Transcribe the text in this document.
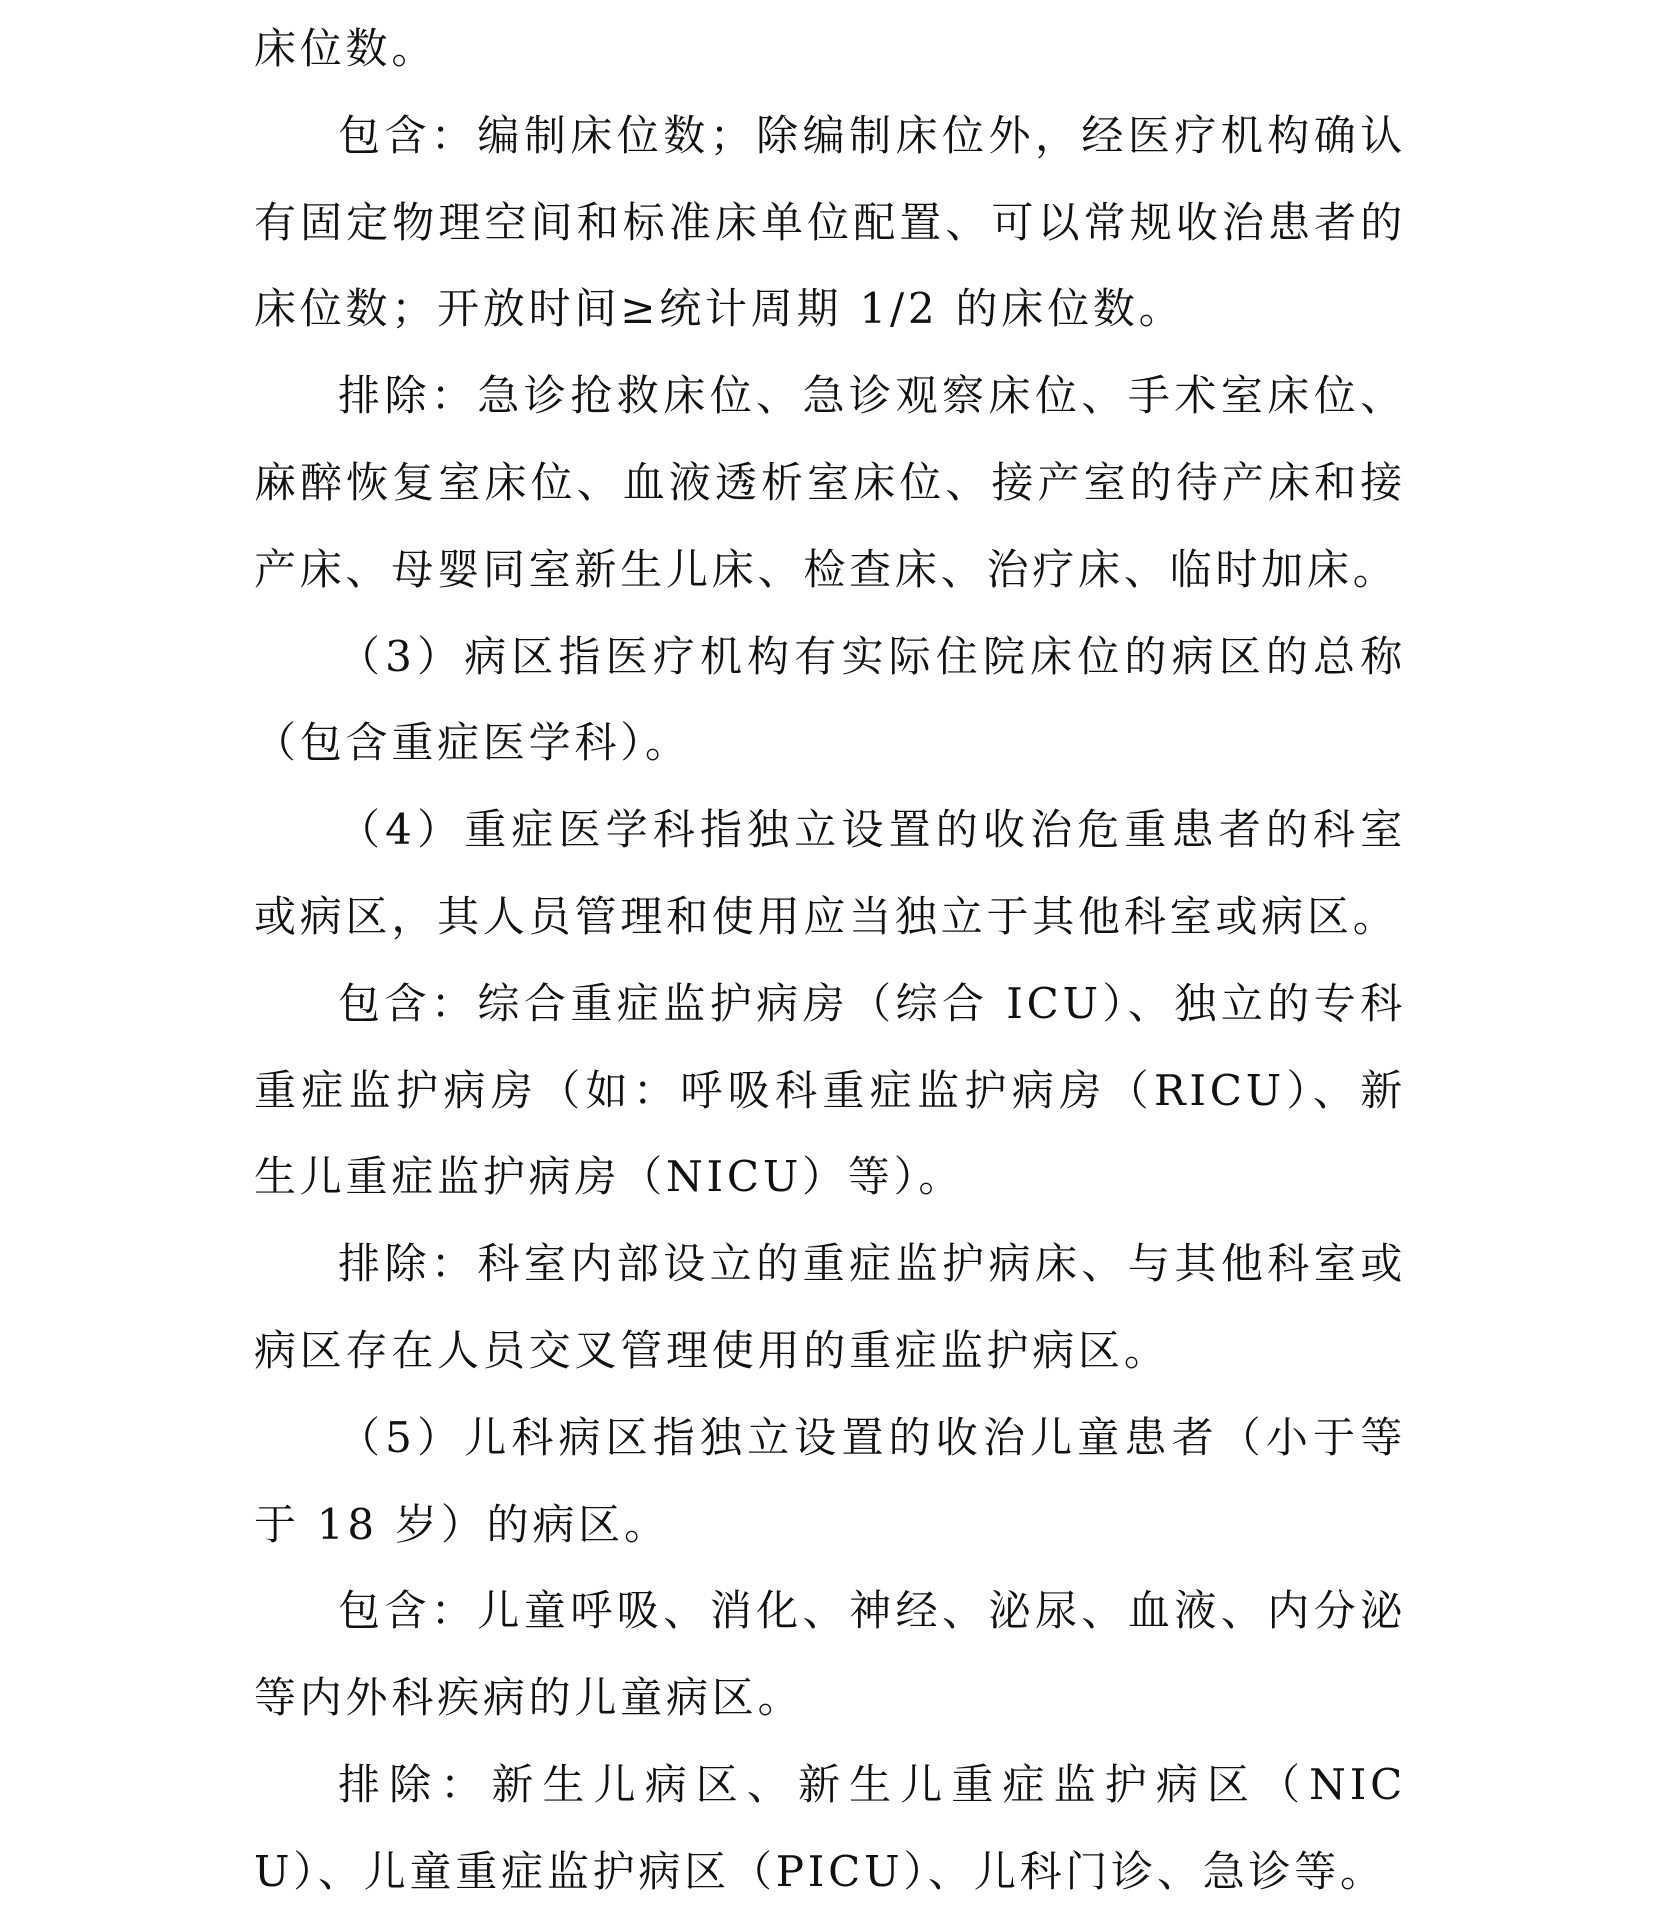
床位数。

包含：编制床位数；除编制床位外，经医疗机构确认有固定物理空间和标准床单位配置、可以常规收治患者的床位数；开放时间≥统计周期 1/2 的床位数。

排除：急诊抢救床位、急诊观察床位、手术室床位、麻醉恢复室床位、血液透析室床位、接产室的待产床和接产床、母婴同室新生儿床、检查床、治疗床、临时加床。

（3）病区指医疗机构有实际住院床位的病区的总称（包含重症医学科）。

（4）重症医学科指独立设置的收治危重患者的科室或病区，其人员管理和使用应当独立于其他科室或病区。

包含：综合重症监护病房（综合 ICU）、独立的专科重症监护病房（如：呼吸科重症监护病房（RICU）、新生儿重症监护病房（NICU）等）。

排除：科室内部设立的重症监护病床、与其他科室或病区存在人员交叉管理使用的重症监护病区。

（5）儿科病区指独立设置的收治儿童患者（小于等于 18 岁）的病区。

包含：儿童呼吸、消化、神经、泌尿、血液、内分泌等内外科疾病的儿童病区。

排除：新生儿病区、新生儿重症监护病区（NICU）、儿童重症监护病区（PICU）、儿科门诊、急诊等。
